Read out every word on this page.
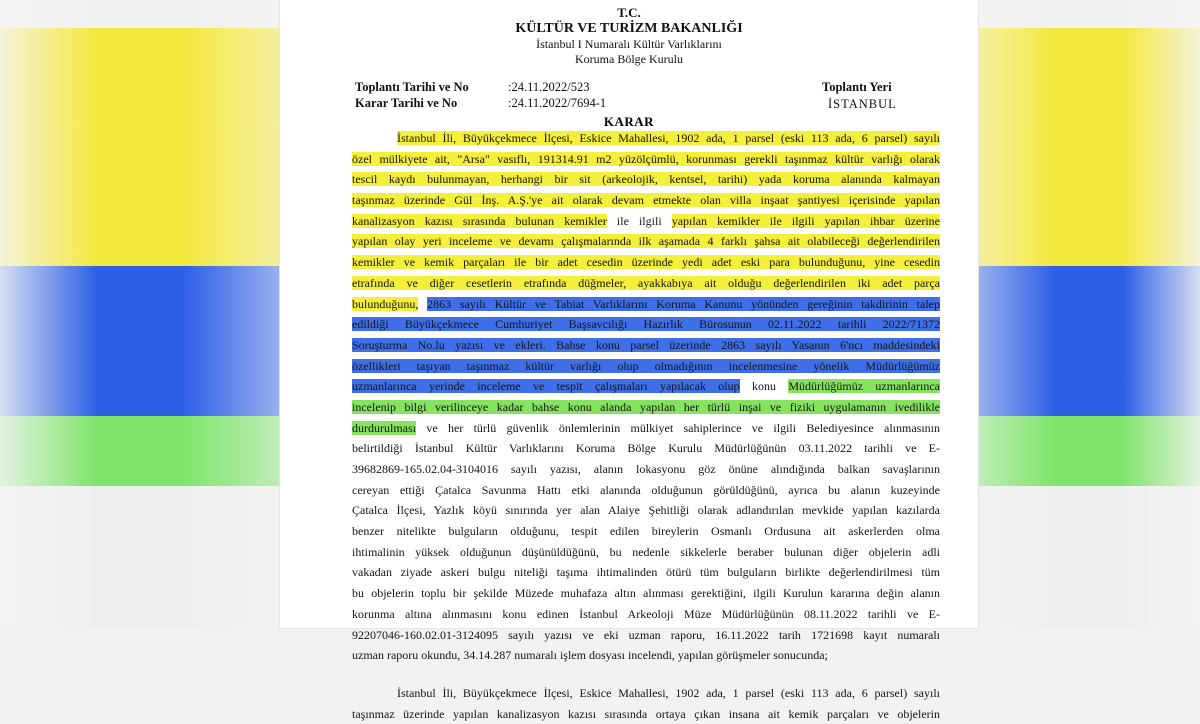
T.C.
KÜLTÜR VE TURİZM BAKANLIĞI
İstanbul I Numaralı Kültür Varlıklarını
Koruma Bölge Kurulu
Toplantı Tarihi ve No	:24.11.2022/523
Karar Tarihi ve No	:24.11.2022/7694-1
Toplantı Yeri
İSTANBUL
KARAR
İstanbul İli, Büyükçekmece İlçesi, Eskice Mahallesi, 1902 ada, 1 parsel (eski 113 ada, 6 parsel) sayılı
özel mülkiyete ait, "Arsa" vasıflı, 191314.91 m2 yüzölçümlü, korunması gerekli taşınmaz kültür varlığı olarak
tescil kaydı bulunmayan, herhangi bir sit (arkeolojik, kentsel, tarihi) yada koruma alanında kalmayan
taşınmaz üzerinde Gül İnş. A.Ş.'ye ait olarak devam etmekte olan villa inşaat şantiyesi içerisinde yapılan
kanalizasyon kazısı sırasında bulunan kemikler ile ilgili yapılan kemikler ile ilgili yapılan ihbar üzerine
yapılan olay yeri inceleme ve devamı çalışmalarında ilk aşamada 4 farklı şahsa ait olabileceği değerlendirilen
kemikler ve kemik parçaları ile bir adet cesedin üzerinde yedi adet eski para bulunduğunu, yine cesedin
etrafında ve diğer cesetlerin etrafında düğmeler, ayakkabıya ait olduğu değerlendirilen iki adet parça
bulunduğunu, 2863 sayılı Kültür ve Tabiat Varlıklarını Koruma Kanunu yönünden gereğinin takdirinin talep
edildiği Büyükçekmece Cumhuriyet Başsavcılığı Hazırlık Bürosunun 02.11.2022 tarihli 2022/71372
Soruşturma No.lu yazısı ve ekleri. Bahse konu parsel üzerinde 2863 sayılı Yasanın 6'ncı maddesindeki
özellikleri taşıyan taşınmaz kültür varlığı olup olmadığının incelenmesine yönelik Müdürlüğümüz
uzmanlarınca yerinde inceleme ve tespit çalışmaları yapılacak olup konu Müdürlüğümüz uzmanlarınca
incelenip bilgi verilinceye kadar bahse konu alanda yapılan her türlü inşai ve fiziki uygulamanın ivedilikle
durdurulması ve her türlü güvenlik önlemlerinin mülkiyet sahiplerince ve ilgili Belediyesince alınmasının
belirtildiği İstanbul Kültür Varlıklarını Koruma Bölge Kurulu Müdürlüğünün 03.11.2022 tarihli ve E-
39682869-165.02.04-3104016 sayılı yazısı, alanın lokasyonu göz önüne alındığında balkan savaşlarının
cereyan ettiği Çatalca Savunma Hattı etki alanında olduğunun görüldüğünü, ayrıca bu alanın kuzeyinde
Çatalca İlçesi, Yazlık köyü sınırında yer alan Alaiye Şehitliği olarak adlandırılan mevkide yapılan kazılarda
benzer nitelikte bulguların olduğunu, tespit edilen bireylerin Osmanlı Ordusuna ait askerlerden olma
ihtimalinin yüksek olduğunun düşünüldüğünü, bu nedenle sikkelerle beraber bulunan diğer objelerin adli
vakadan ziyade askeri bulgu niteliği taşıma ihtimalinden ötürü tüm bulguların birlikte değerlendirilmesi tüm
bu objelerin toplu bir şekilde Müzede muhafaza altın alınması gerektiğini, ilgili Kurulun kararına değin alanın
korunma altına alınmasını konu edinen İstanbul Arkeoloji Müze Müdürlüğünün 08.11.2022 tarihli ve E-
92207046-160.02.01-3124095 sayılı yazısı ve eki uzman raporu, 16.11.2022 tarih 1721698 kayıt numaralı
uzman raporu okundu, 34.14.287 numaralı işlem dosyası incelendi, yapılan görüşmeler sonucunda;
İstanbul İli, Büyükçekmece İlçesi, Eskice Mahallesi, 1902 ada, 1 parsel (eski 113 ada, 6 parsel) sayılı
taşınmaz üzerinde yapılan kanalizasyon kazısı sırasında ortaya çıkan insana ait kemik parçaları ve objelerin
